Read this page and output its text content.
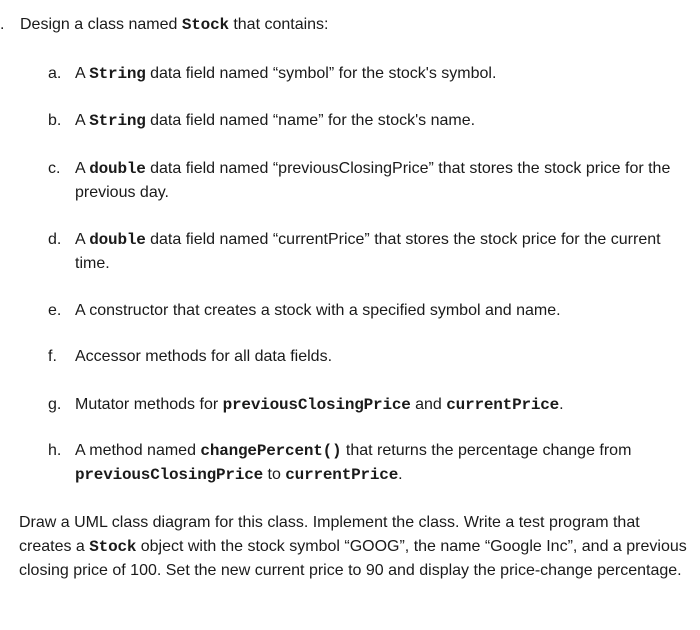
. Design a class named Stock that contains:
a. A String data field named “symbol” for the stock's symbol.
b. A String data field named “name” for the stock's name.
c. A double data field named “previousClosingPrice” that stores the stock price for the previous day.
d. A double data field named “currentPrice” that stores the stock price for the current time.
e. A constructor that creates a stock with a specified symbol and name.
f.	Accessor methods for all data fields.
g. Mutator methods for previousClosingPrice and currentPrice.
h. A method named changePercent() that returns the percentage change from previousClosingPrice to currentPrice.
Draw a UML class diagram for this class. Implement the class. Write a test program that creates a Stock object with the stock symbol “GOOG”, the name “Google Inc”, and a previous closing price of 100. Set the new current price to 90 and display the price-change percentage.
